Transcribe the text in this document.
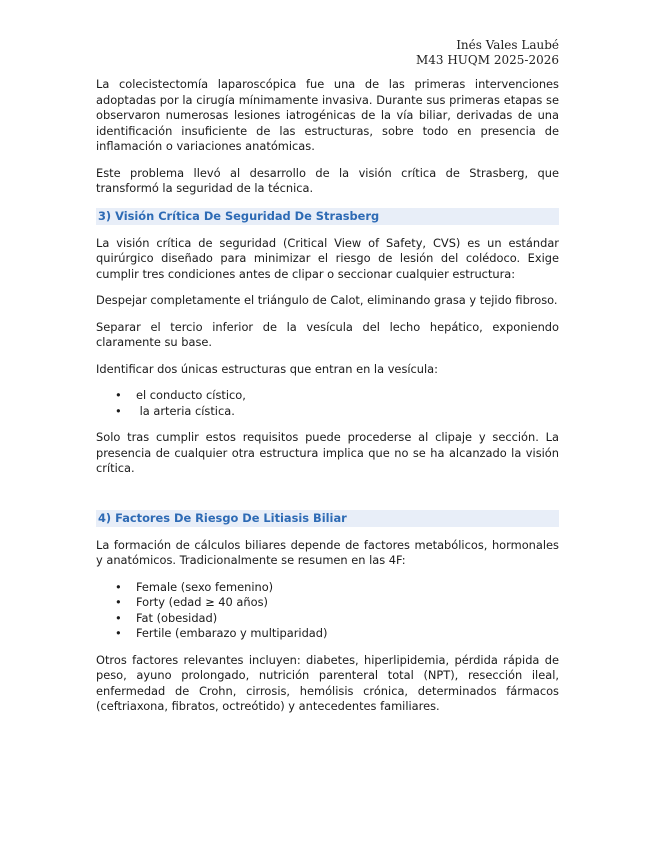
Inés Vales Laubé
M43 HUQM 2025-2026

La colecistectomía laparoscópica fue una de las primeras intervenciones adoptadas por la cirugía mínimamente invasiva. Durante sus primeras etapas se observaron numerosas lesiones iatrogénicas de la vía biliar, derivadas de una identificación insuficiente de las estructuras, sobre todo en presencia de inflamación o variaciones anatómicas.

Este problema llevó al desarrollo de la visión crítica de Strasberg, que transformó la seguridad de la técnica.

3) Visión Crítica De Seguridad De Strasberg

La visión crítica de seguridad (Critical View of Safety, CVS) es un estándar quirúrgico diseñado para minimizar el riesgo de lesión del colédoco. Exige cumplir tres condiciones antes de clipar o seccionar cualquier estructura:

Despejar completamente el triángulo de Calot, eliminando grasa y tejido fibroso.

Separar el tercio inferior de la vesícula del lecho hepático, exponiendo claramente su base.

Identificar dos únicas estructuras que entran en la vesícula:

• el conducto cístico,
• la arteria cística.

Solo tras cumplir estos requisitos puede procederse al clipaje y sección. La presencia de cualquier otra estructura implica que no se ha alcanzado la visión crítica.

4) Factores De Riesgo De Litiasis Biliar

La formación de cálculos biliares depende de factores metabólicos, hormonales y anatómicos. Tradicionalmente se resumen en las 4F:

• Female (sexo femenino)
• Forty (edad ≥ 40 años)
• Fat (obesidad)
• Fertile (embarazo y multiparidad)

Otros factores relevantes incluyen: diabetes, hiperlipidemia, pérdida rápida de peso, ayuno prolongado, nutrición parenteral total (NPT), resección ileal, enfermedad de Crohn, cirrosis, hemólisis crónica, determinados fármacos (ceftriaxona, fibratos, octreótido) y antecedentes familiares.
